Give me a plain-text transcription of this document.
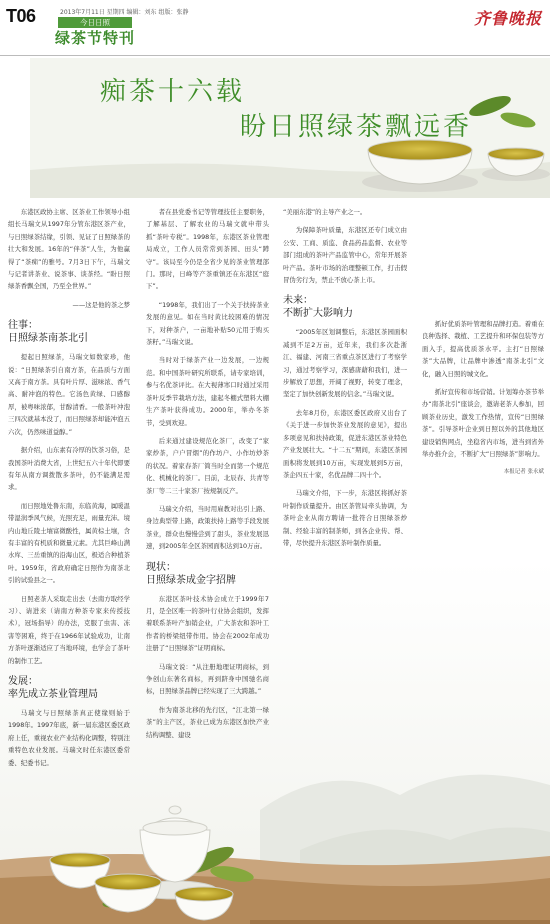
T06	2013年7月11日 星期四 编辑：刘东 组版：张静
今日日照
绿茶节特刊
齐鲁晚报
痴茶十六载
盼日照绿茶飘远香

东港区政协主席、区茶业工作领导小组组长马瑞文从1997年分管东港区茶产业，与日照绿茶结缘，引领、见证了日照绿茶的壮大和发展。16年的“伴茶”人生，为他赢得了“茶痴”的雅号。7月3日下午，马瑞文与记者讲茶业、说茶事、谈茶经。“盼日照绿茶香飘全国，乃至全世界。”

——这是他的茶之梦
往事：
日照绿茶南茶北引

提起日照绿茶，马瑞文如数家珍，他说：“日照绿茶引自南方茶，在品质与方面又高于南方茶。具有叶片厚、滋味浓、香气高、耐冲泡的特色。它汤色黄绿、口感醇厚，被粤味浓郁，甘醇清香。一般茶叶冲泡三四次就基本没了，而日照绿茶却能冲泡五六次，仍然味道益醇。”

据介绍，山东素有冷厚的饮茶习俗，是我国茶叶消费大省，上世纪五六十年代即要有年从南方调拨散多茶叶，仍不能满足需求。

而日照地处鲁东南，东临黄海，属暖温带湿润季风气候，光照充足，雨量充沛。境内山地丘陵土壤富微酸性，属黄棕土壤，含有丰富的有机质和微量元素。尤其巨峰山满水库、三岳重镇的沿海山区，极适合种植茶叶。1959年，省政府确定日照作为南茶北引的试验县之一。

日照老茶人采取走出去（去南方取经学习）、请进来（请南方种茶专家来传授技术），冠场指导）的办法，克服了虫害、冻害等困难，终于在1966年试验成功，让南方茶叶逐渐适应了当地环境，也学会了茶叶的制作工艺。

发展：
率先成立茶业管理局

马瑞文与日照绿茶真正使缘则始于1998年。1997年底，新一届东港区委区政府上任，重视农业产业结构化调整，特别注重特色农业发展。马瑞文时任东港区委常委、纪委书记。

者在县党委书记等管理技任主要职务，了解基层、了解农业的马瑞文就申带头抓“茶叶专税”。1998年，东港区茶业管理局成立，工作人员常常到茶园、田头“蹲守”。该局至今仍是全省少见的茶业管理部门。那时，日峰等产茶重镇还在东港区“庭下”。

“1998年，我们出了一个关于扶持茶业发展的意见。如在当时黄比较困难的情况下，对种茶户，一亩地补贴50元用于购买茶籽。”马瑞文说。

当时对于绿茶产业一边发展，一边规范。和中国茶叶研究所联系，请专家培训，参与名优茶评比。在大视薄寒口时通过采用茶叶反季节栽培方法，建起冬棚式塑料大棚生产茶叶获得成功。2000年，举办冬茶节，受到欢迎。

后来通过建设规范化茶厂，改变了“家家炒茶，户户冒烟”的作坊户、小作坊炒茶的状况。着家春茶厂简当时全而第一个规范化、机械化的茶厂。目前，北辰春、共青等茶厂等二三十家茶厂按规制反产。

马瑞文介绍，当时用雇教对出引上路、身边典型带上路，政策扶持上路等手段发展茶业，群众也慢慢尝到了甜头，茶业发展迅速，到2005年全区茶园面积达到10万亩。

现状：
日照绿茶成金字招牌

东港区茶叶技术协会成立于1999年7月，是全区唯一的茶叶行业协会组织，发挥着联系茶叶产加销企业，广大茶农和茶叶工作者的桥梁纽带作用。协会在2002年成功注册了“日照绿茶”证明商标。

马瑞文说：“从注册地理证明商标，到争创山东著名商标，再到跻身中国驰名商标，日照绿茶品牌已经实现了三大跨越。”

作为南茶北移的先行区，“江北第一绿茶”的主产区，茶业已成为东港区加快产业结构调整、建设

“美丽东港”的主导产业之一。

为保障茶叶质量，东港区还专门成立由公安、工商、质监、食品药品监督、农业等部门组成的茶叶产品监管中心，常年开展茶叶产品。茶叶市场的治理整顿工作，打击假冒伪劣行为，禁止不放心茶上市。

未来：
不断扩大影响力

“2005年区划调整后，东港区茶园面积减到不足2万亩，近年来，我们多次赴浙江、福建、河南三省重点茶区进行了考察学习，通过考察学习，深感唐藉和我们，进一步解放了思想，开阔了视野，转变了理念，坚定了加快创新发展的信念。”马瑞文说。

去年8月份，东港区委区政府又出台了《关于进一步加快茶业发展的意见》，提出多项意见和扶持政策，促进东港区茶业特色产业发展壮大。“十二五”期间，东港区茶园面积将发展到10万亩，实现发展到5万亩，茶企四五十家，名优品牌二四十个。

马瑞文介绍，下一步，东港区将抓好茶叶制作质量提升。由区茶管局牵头协调，为茶叶企业从南方聘请一批符合日照绿茶炒制、经验丰富的制茶师，到各企业传、帮、带，尽快提升东港区茶叶制作质量。

抓好优质茶叶管理和品牌打造。着重在良种选择、栽植、工艺提升和环保包装等方面入手，提高优质茶水平。主打“日照绿茶”大品牌，让品牌中渗透“南茶北引”文化，融入日照的城文化。

抓好宣传和市场营销。计划筹办茶节举办“南茶北引”座谈会，邀请老茶人参加，回顾茶业历史，激发工作热情，宣传“日照绿茶”。引导茶叶企业到日照以外的其他地区建设销售网点，坐稳省内市场，进当到省外举办推介会，不断扩大“日照绿茶”影响力。

本报记者 张永斌
